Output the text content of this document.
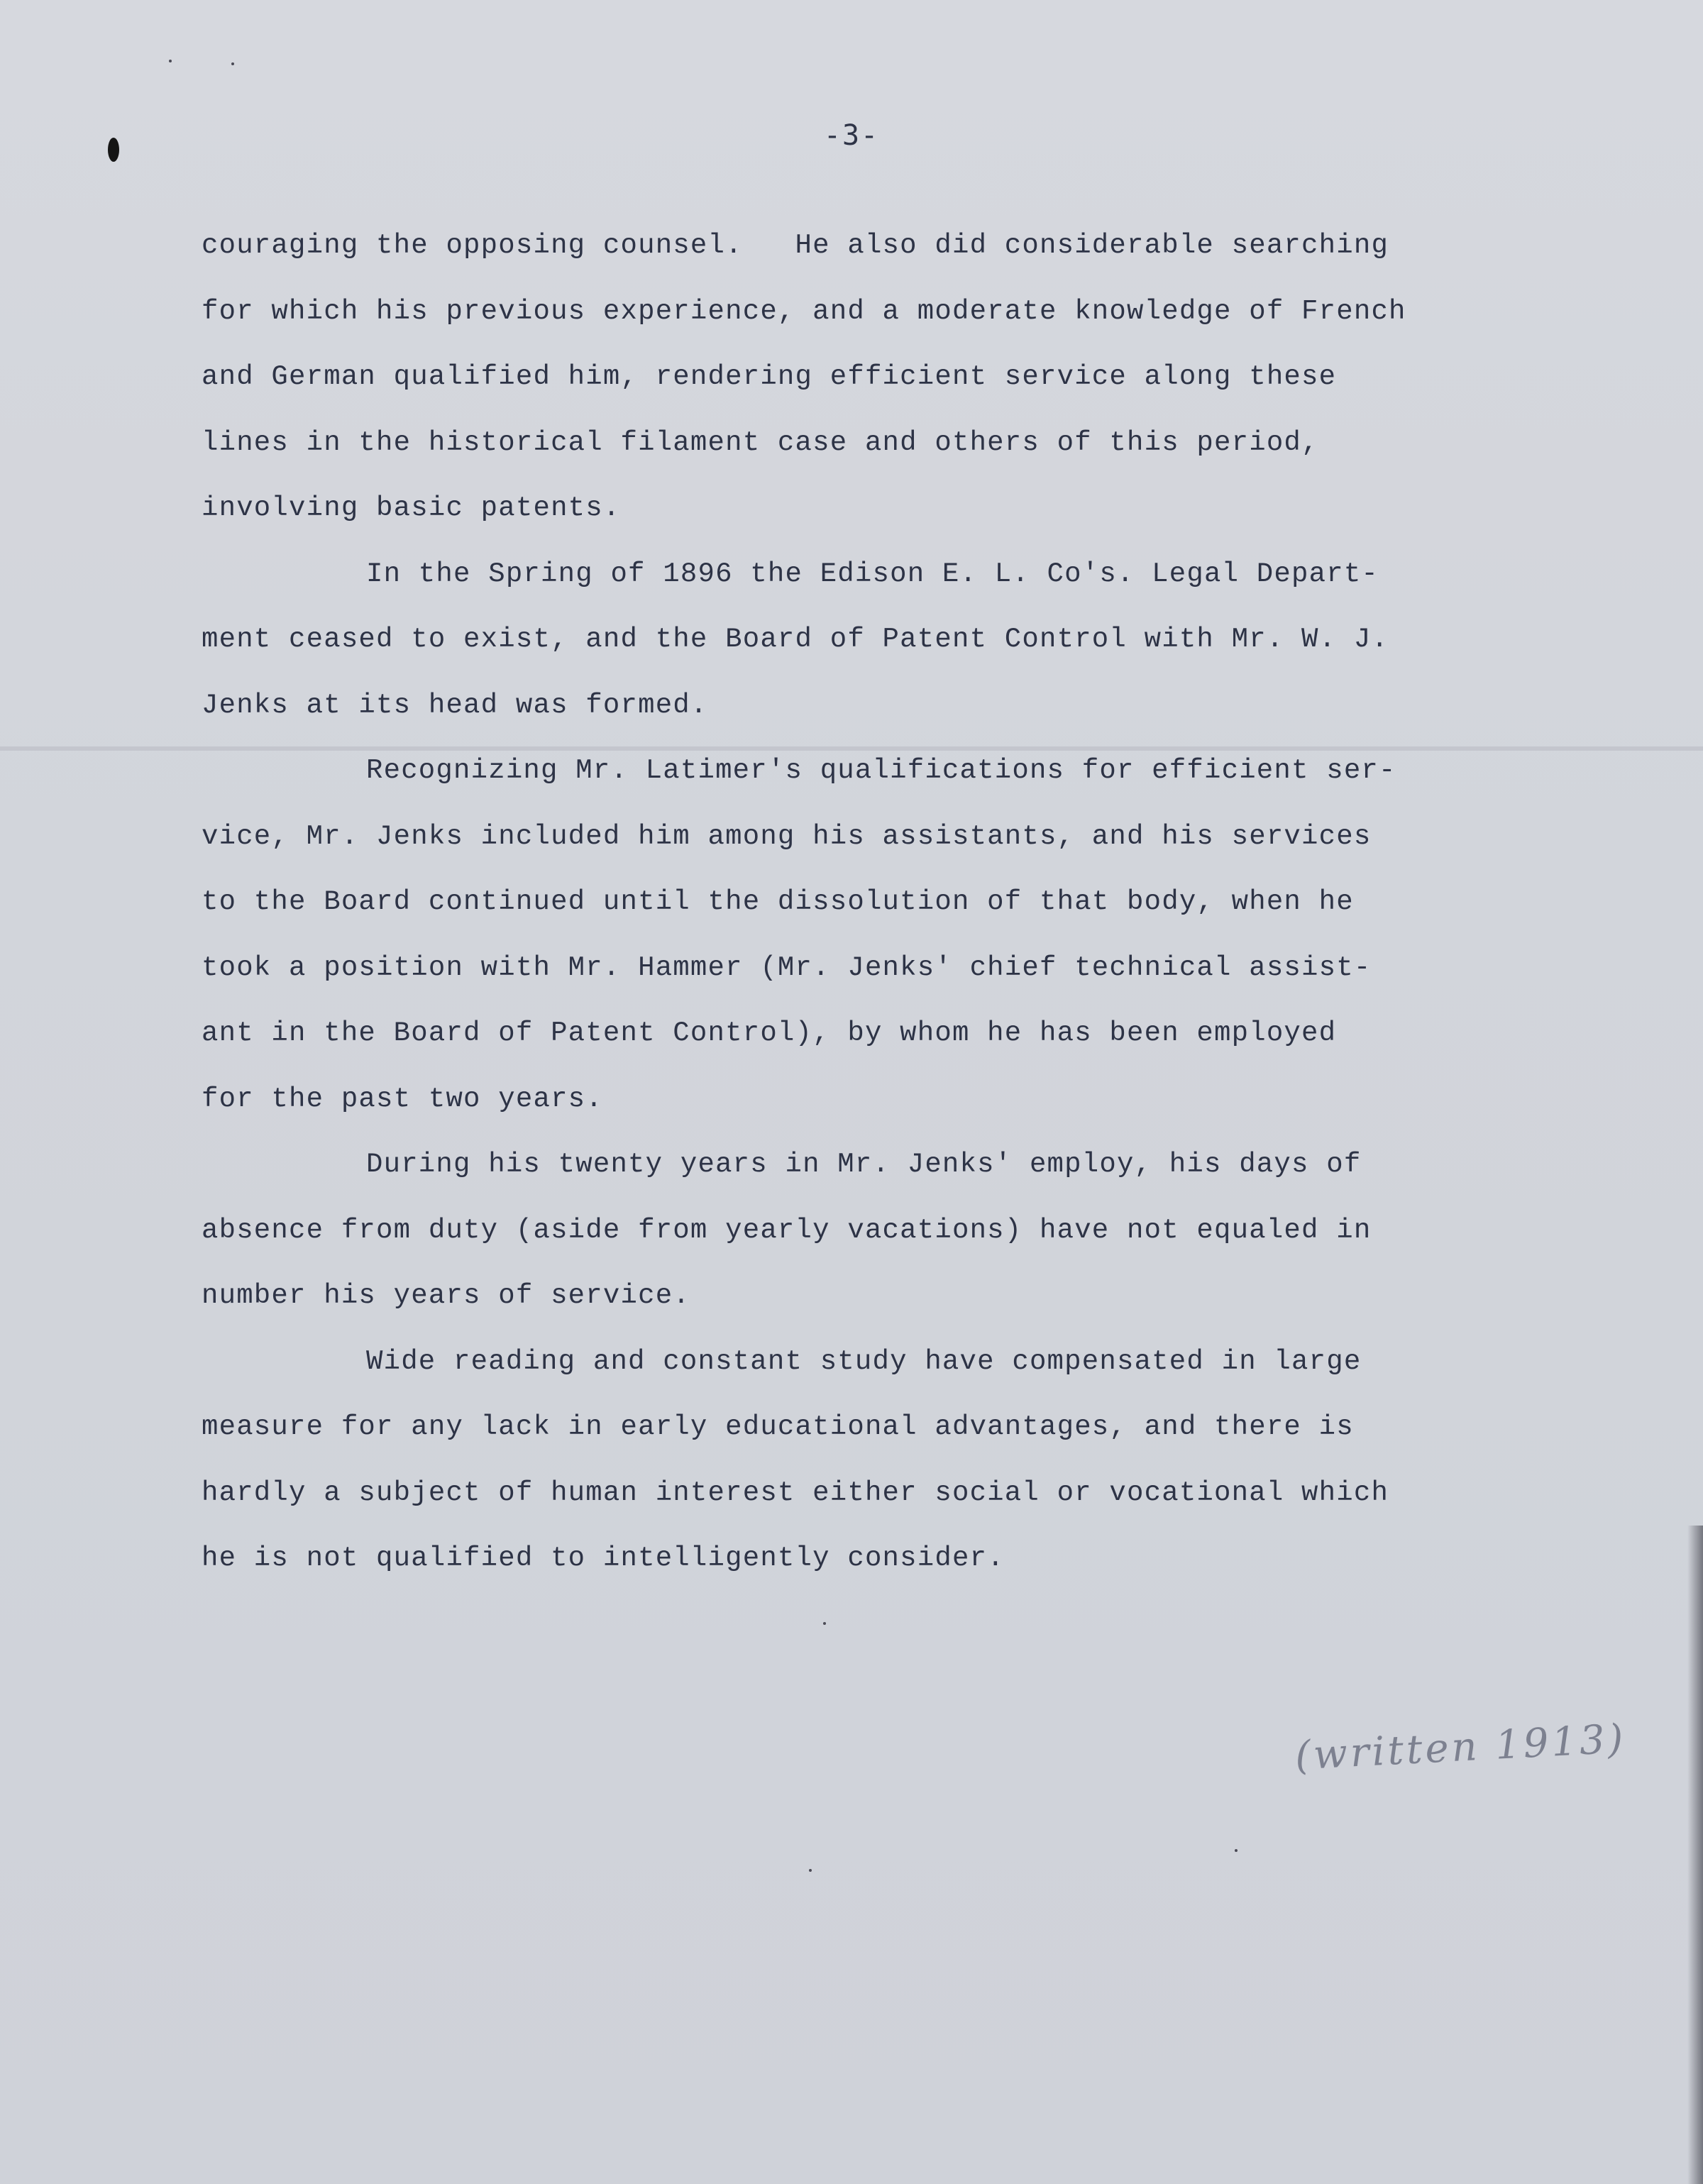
-3-
couraging the opposing counsel.   He also did considerable searching
for which his previous experience, and a moderate knowledge of French
and German qualified him, rendering efficient service along these
lines in the historical filament case and others of this period,
involving basic patents.
In the Spring of 1896 the Edison E. L. Co's. Legal Depart-
ment ceased to exist, and the Board of Patent Control with Mr. W. J.
Jenks at its head was formed.
Recognizing Mr. Latimer's qualifications for efficient ser-
vice, Mr. Jenks included him among his assistants, and his services
to the Board continued until the dissolution of that body, when he
took a position with Mr. Hammer (Mr. Jenks' chief technical assist-
ant in the Board of Patent Control), by whom he has been employed
for the past two years.
During his twenty years in Mr. Jenks' employ, his days of
absence from duty (aside from yearly vacations) have not equaled in
number his years of service.
Wide reading and constant study have compensated in large
measure for any lack in early educational advantages, and there is
hardly a subject of human interest either social or vocational which
he is not qualified to intelligently consider.
(written 1913)
